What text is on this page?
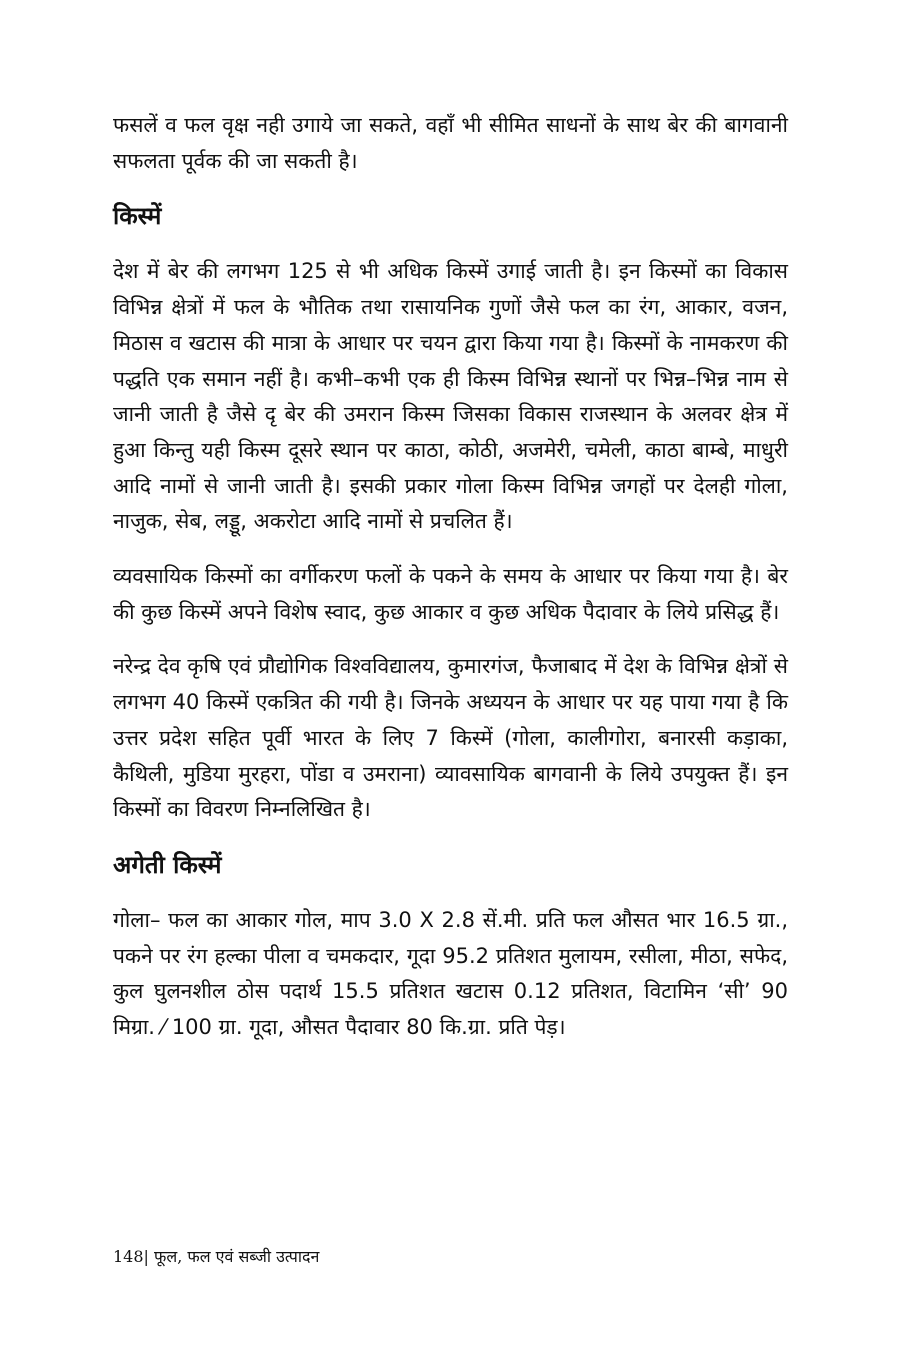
फसलें व फल वृक्ष नही उगाये जा सकते, वहाँ भी सीमित साधनों के साथ बेर की बागवानी सफलता पूर्वक की जा सकती है।

किस्में

देश में बेर की लगभग 125 से भी अधिक किस्में उगाई जाती है। इन किस्मों का विकास विभिन्न क्षेत्रों में फल के भौतिक तथा रासायनिक गुणों जैसे फल का रंग, आकार, वजन, मिठास व खटास की मात्रा के आधार पर चयन द्वारा किया गया है। किस्मों के नामकरण की पद्धति एक समान नहीं है। कभी–कभी एक ही किस्म विभिन्न स्थानों पर भिन्न–भिन्न नाम से जानी जाती है जैसे दृ बेर की उमरान किस्म जिसका विकास राजस्थान के अलवर क्षेत्र में हुआ किन्तु यही किस्म दूसरे स्थान पर काठा, कोठी, अजमेरी, चमेली, काठा बाम्बे, माधुरी आदि नामों से जानी जाती है। इसकी प्रकार गोला किस्म विभिन्न जगहों पर देलही गोला, नाजुक, सेब, लड्डू, अकरोटा आदि नामों से प्रचलित हैं।

व्यवसायिक किस्मों का वर्गीकरण फलों के पकने के समय के आधार पर किया गया है। बेर की कुछ किस्में अपने विशेष स्वाद, कुछ आकार व कुछ अधिक पैदावार के लिये प्रसिद्ध हैं।

नरेन्द्र देव कृषि एवं प्रौद्योगिक विश्वविद्यालय, कुमारगंज, फैजाबाद में देश के विभिन्न क्षेत्रों से लगभग 40 किस्में एकत्रित की गयी है। जिनके अध्ययन के आधार पर यह पाया गया है कि उत्तर प्रदेश सहित पूर्वी भारत के लिए 7 किस्में (गोला, कालीगोरा, बनारसी कड़ाका, कैथिली, मुडिया मुरहरा, पोंडा व उमराना) व्यावसायिक बागवानी के लिये उपयुक्त हैं। इन किस्मों का विवरण निम्नलिखित है।

अगेती किस्में

गोला– फल का आकार गोल, माप 3.0 X 2.8 सें.मी. प्रति फल औसत भार 16.5 ग्रा., पकने पर रंग हल्का पीला व चमकदार, गूदा 95.2 प्रतिशत मुलायम, रसीला, मीठा, सफेद, कुल घुलनशील ठोस पदार्थ 15.5 प्रतिशत खटास 0.12 प्रतिशत, विटामिन ‘सी’ 90 मिग्रा. ⁄ 100 ग्रा. गूदा, औसत पैदावार 80 कि.ग्रा. प्रति पेड़।

148| फूल, फल एवं सब्जी उत्पादन
